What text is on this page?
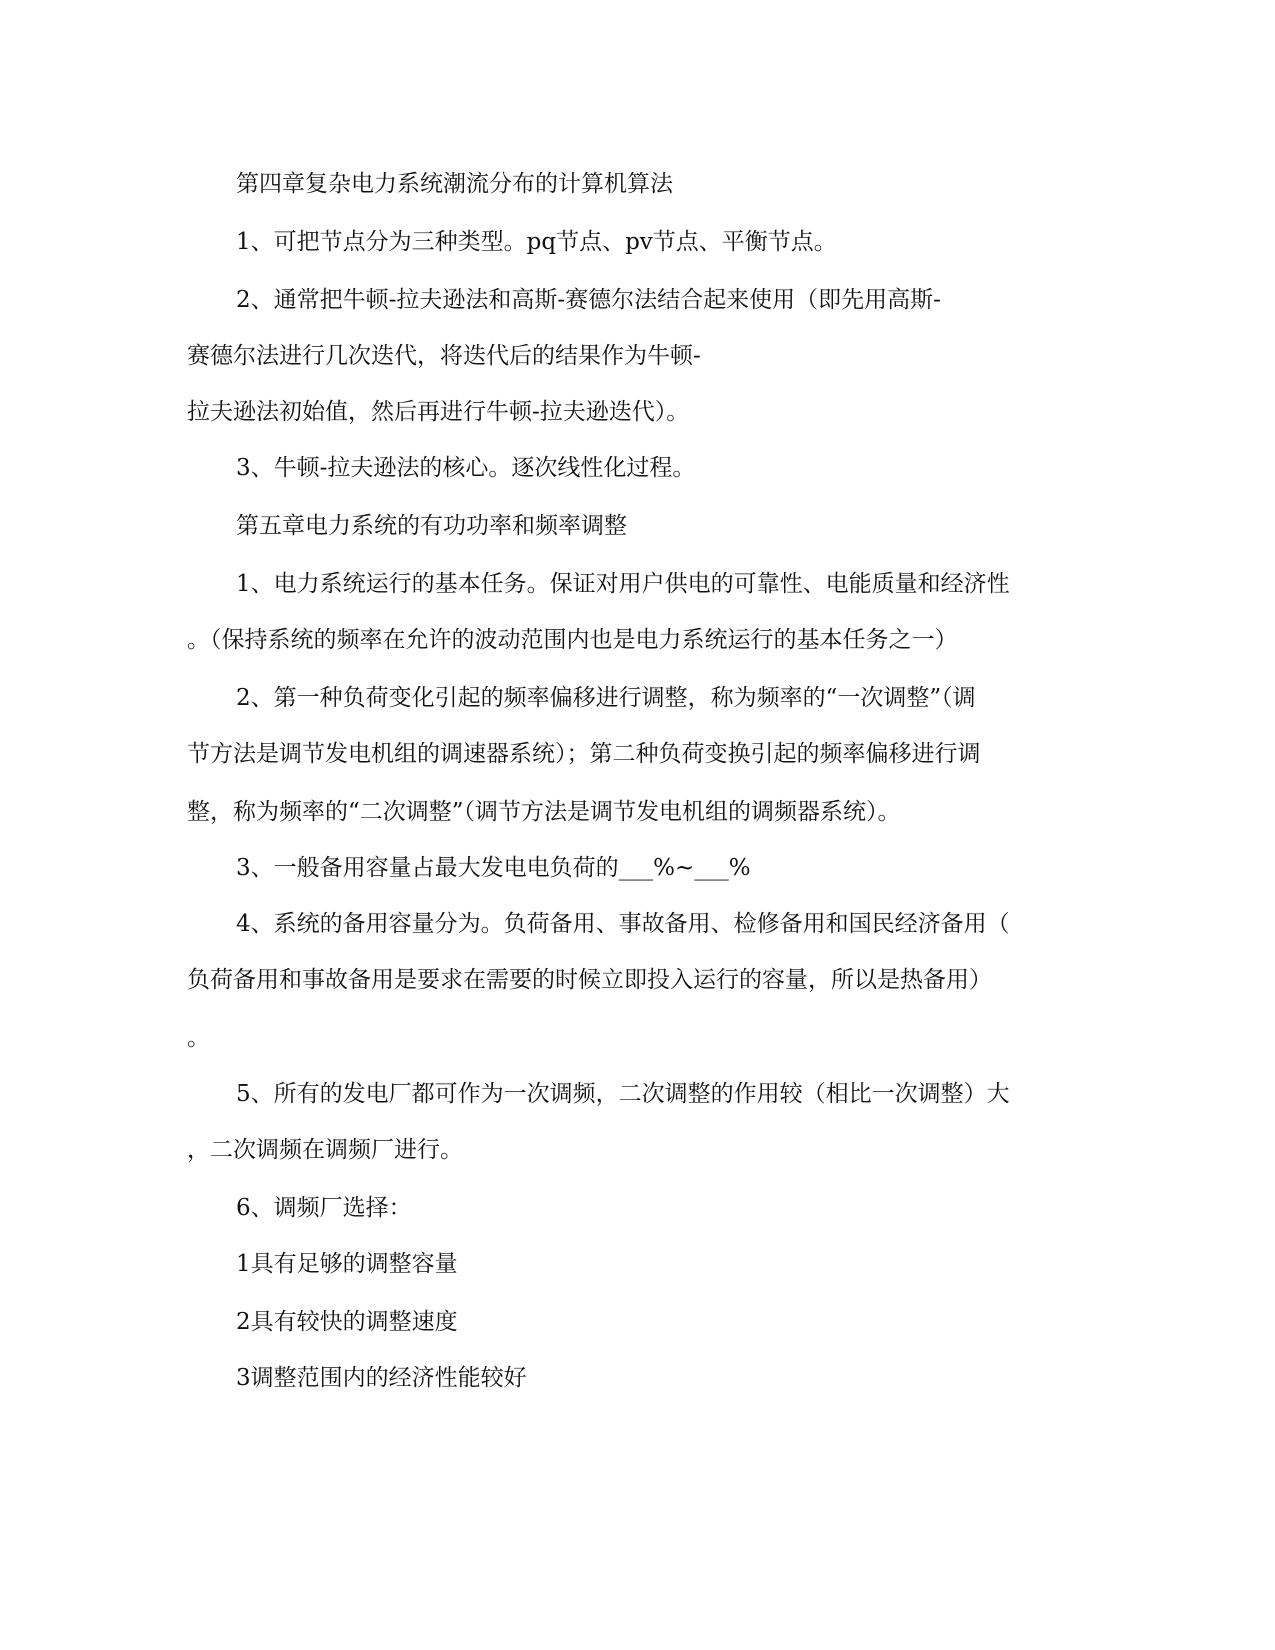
第四章复杂电力系统潮流分布的计算机算法

1、可把节点分为三种类型。pq节点、pv节点、平衡节点。

2、通常把牛顿-拉夫逊法和高斯-赛德尔法结合起来使用（即先用高斯-

赛德尔法进行几次迭代，将迭代后的结果作为牛顿-

拉夫逊法初始值，然后再进行牛顿-拉夫逊迭代）。

3、牛顿-拉夫逊法的核心。逐次线性化过程。

第五章电力系统的有功功率和频率调整

1、电力系统运行的基本任务。保证对用户供电的可靠性、电能质量和经济性

。（保持系统的频率在允许的波动范围内也是电力系统运行的基本任务之一）

2、第一种负荷变化引起的频率偏移进行调整，称为频率的“一次调整”（调

节方法是调节发电机组的调速器系统）；第二种负荷变换引起的频率偏移进行调

整，称为频率的“二次调整”（调节方法是调节发电机组的调频器系统）。

3、一般备用容量占最大发电电负荷的___%~___%

4、系统的备用容量分为。负荷备用、事故备用、检修备用和国民经济备用（

负荷备用和事故备用是要求在需要的时候立即投入运行的容量，所以是热备用）

。

5、所有的发电厂都可作为一次调频，二次调整的作用较（相比一次调整）大

，二次调频在调频厂进行。

6、调频厂选择：

1具有足够的调整容量

2具有较快的调整速度

3调整范围内的经济性能较好
